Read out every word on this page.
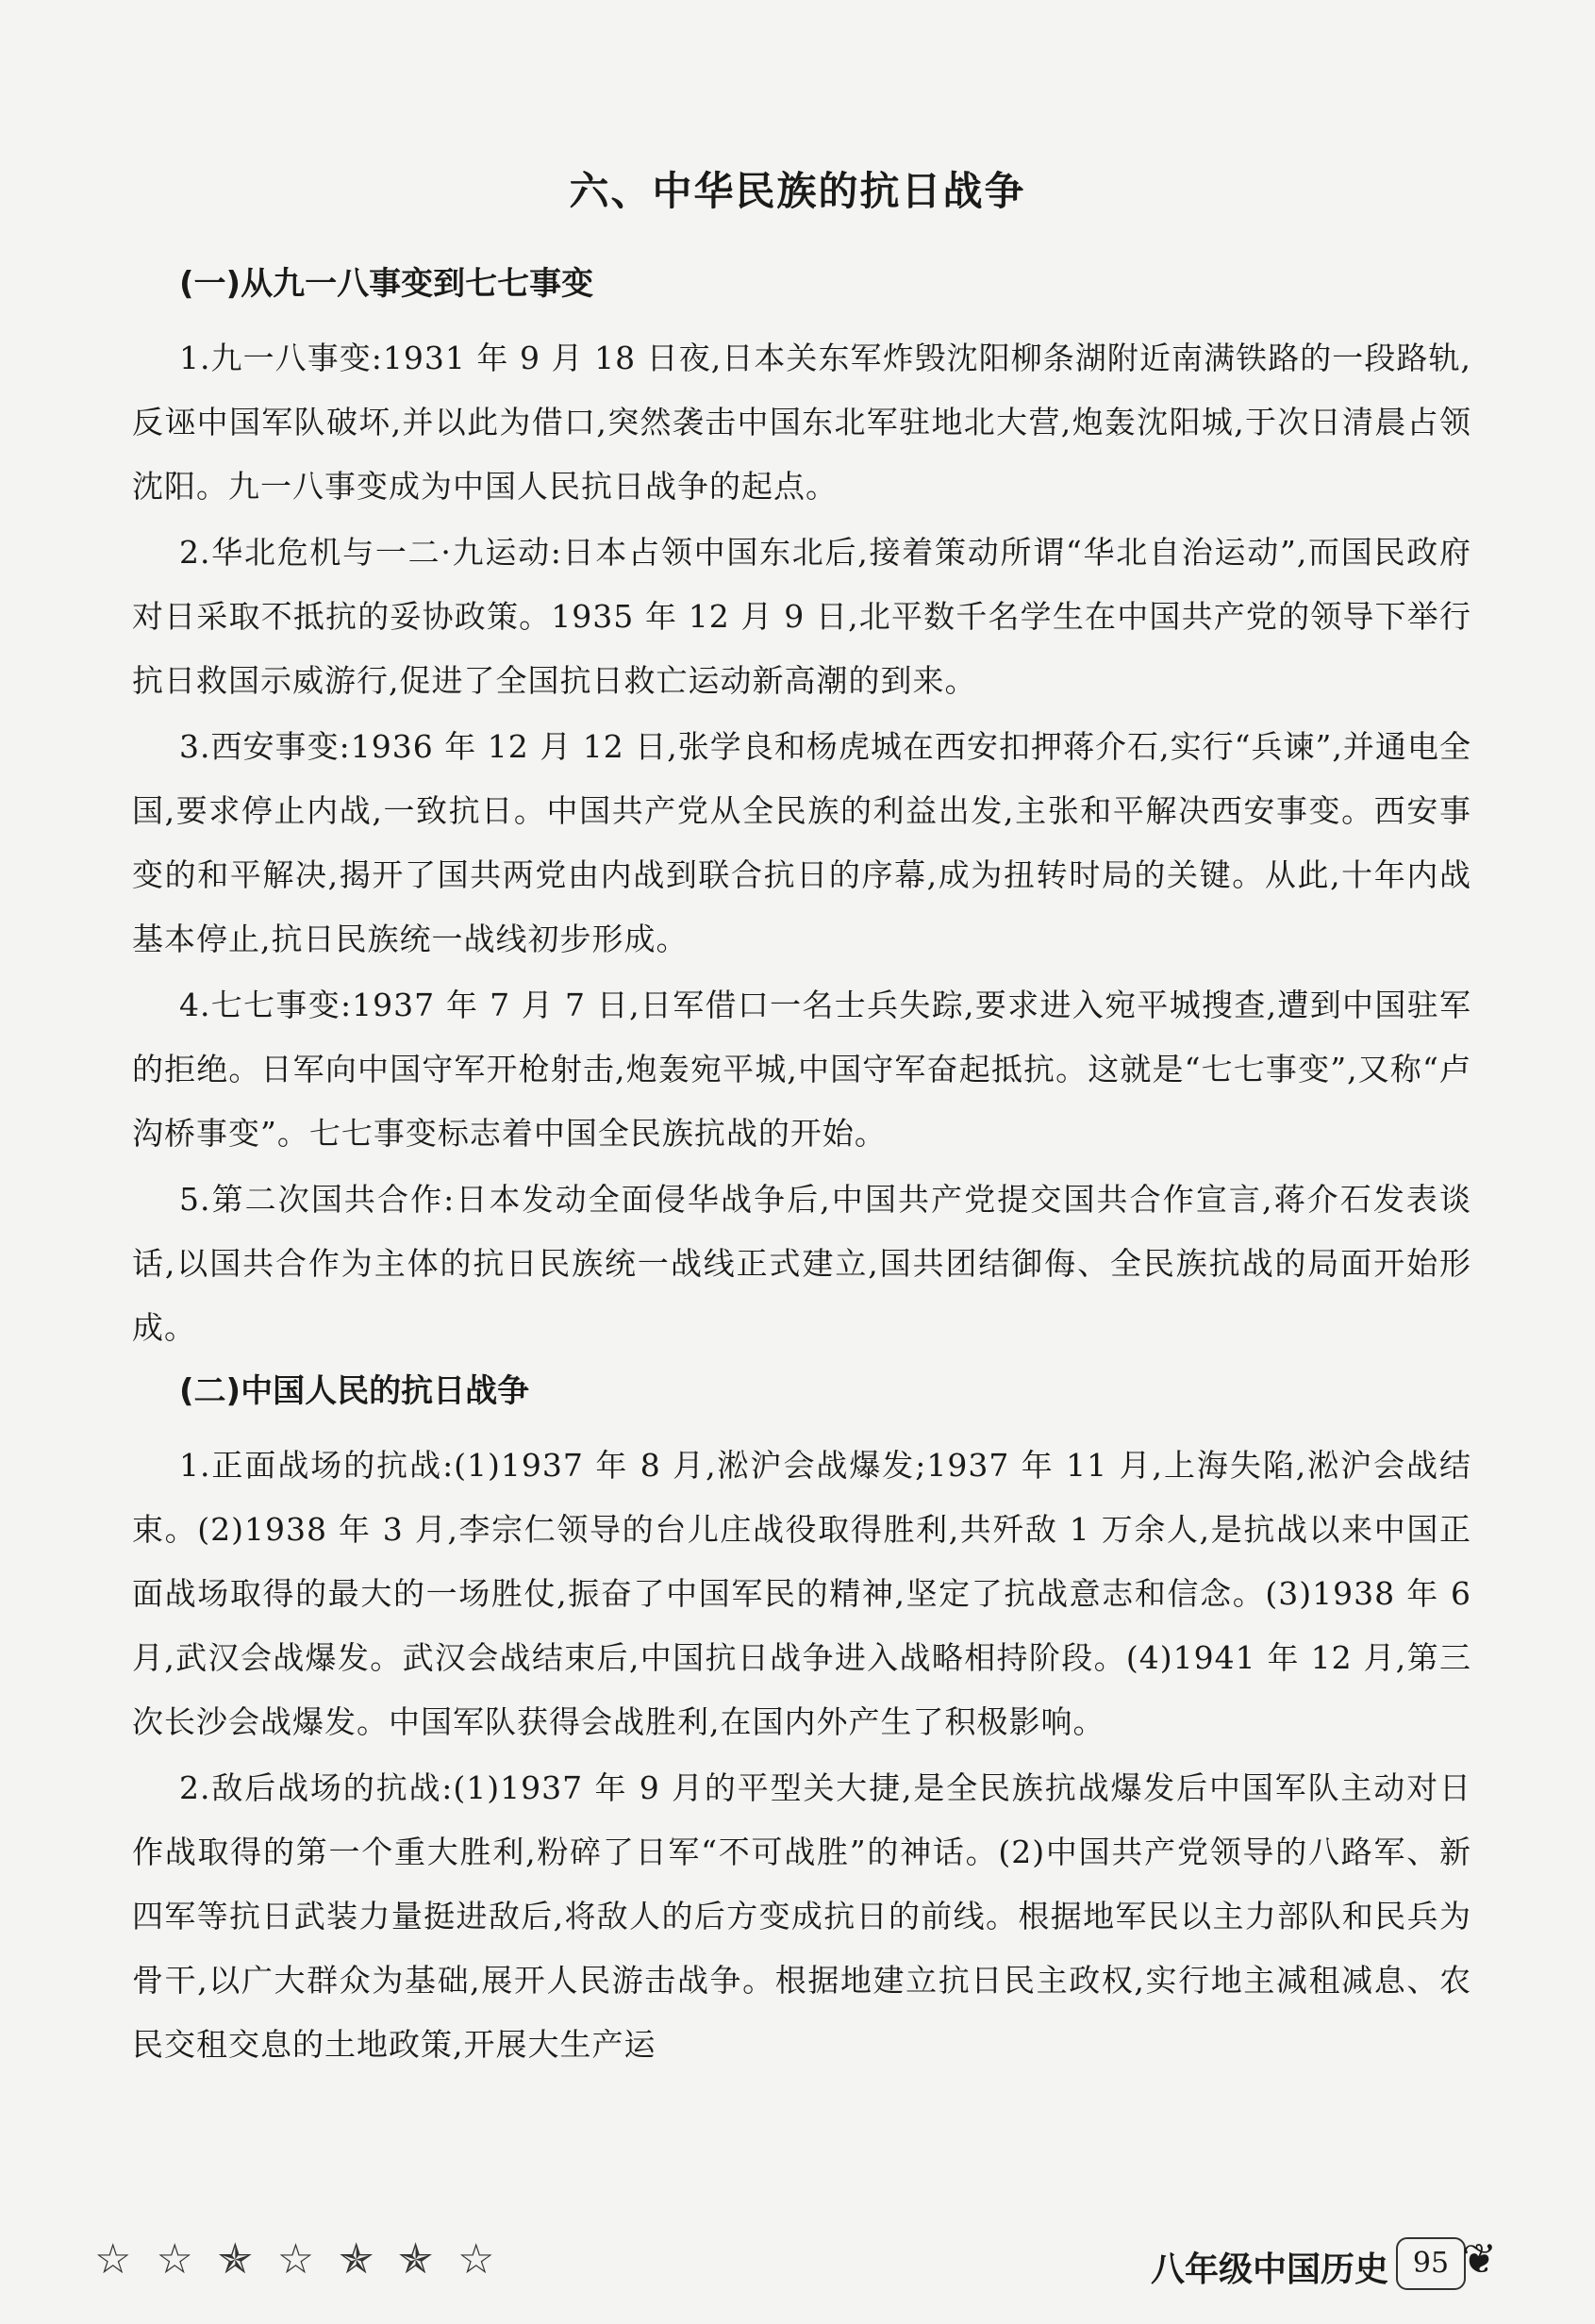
六、中华民族的抗日战争
(一)从九一八事变到七七事变

1.九一八事变:1931 年 9 月 18 日夜,日本关东军炸毁沈阳柳条湖附近南满铁路的一段路轨,反诬中国军队破坏,并以此为借口,突然袭击中国东北军驻地北大营,炮轰沈阳城,于次日清晨占领沈阳。九一八事变成为中国人民抗日战争的起点。

2.华北危机与一二·九运动:日本占领中国东北后,接着策动所谓“华北自治运动”,而国民政府对日采取不抵抗的妥协政策。1935 年 12 月 9 日,北平数千名学生在中国共产党的领导下举行抗日救国示威游行,促进了全国抗日救亡运动新高潮的到来。

3.西安事变:1936 年 12 月 12 日,张学良和杨虎城在西安扣押蒋介石,实行“兵谏”,并通电全国,要求停止内战,一致抗日。中国共产党从全民族的利益出发,主张和平解决西安事变。西安事变的和平解决,揭开了国共两党由内战到联合抗日的序幕,成为扭转时局的关键。从此,十年内战基本停止,抗日民族统一战线初步形成。

4.七七事变:1937 年 7 月 7 日,日军借口一名士兵失踪,要求进入宛平城搜查,遭到中国驻军的拒绝。日军向中国守军开枪射击,炮轰宛平城,中国守军奋起抵抗。这就是“七七事变”,又称“卢沟桥事变”。七七事变标志着中国全民族抗战的开始。

5.第二次国共合作:日本发动全面侵华战争后,中国共产党提交国共合作宣言,蒋介石发表谈话,以国共合作为主体的抗日民族统一战线正式建立,国共团结御侮、全民族抗战的局面开始形成。

(二)中国人民的抗日战争

1.正面战场的抗战:(1)1937 年 8 月,淞沪会战爆发;1937 年 11 月,上海失陷,淞沪会战结束。(2)1938 年 3 月,李宗仁领导的台儿庄战役取得胜利,共歼敌 1 万余人,是抗战以来中国正面战场取得的最大的一场胜仗,振奋了中国军民的精神,坚定了抗战意志和信念。(3)1938 年 6 月,武汉会战爆发。武汉会战结束后,中国抗日战争进入战略相持阶段。(4)1941 年 12 月,第三次长沙会战爆发。中国军队获得会战胜利,在国内外产生了积极影响。

2.敌后战场的抗战:(1)1937 年 9 月的平型关大捷,是全民族抗战爆发后中国军队主动对日作战取得的第一个重大胜利,粉碎了日军“不可战胜”的神话。(2)中国共产党领导的八路军、新四军等抗日武装力量挺进敌后,将敌人的后方变成抗日的前线。根据地军民以主力部队和民兵为骨干,以广大群众为基础,展开人民游击战争。根据地建立抗日民主政权,实行地主减租减息、农民交租交息的土地政策,开展大生产运

☆☆✯☆✯✯☆	八年级中国历史 95 ❦
